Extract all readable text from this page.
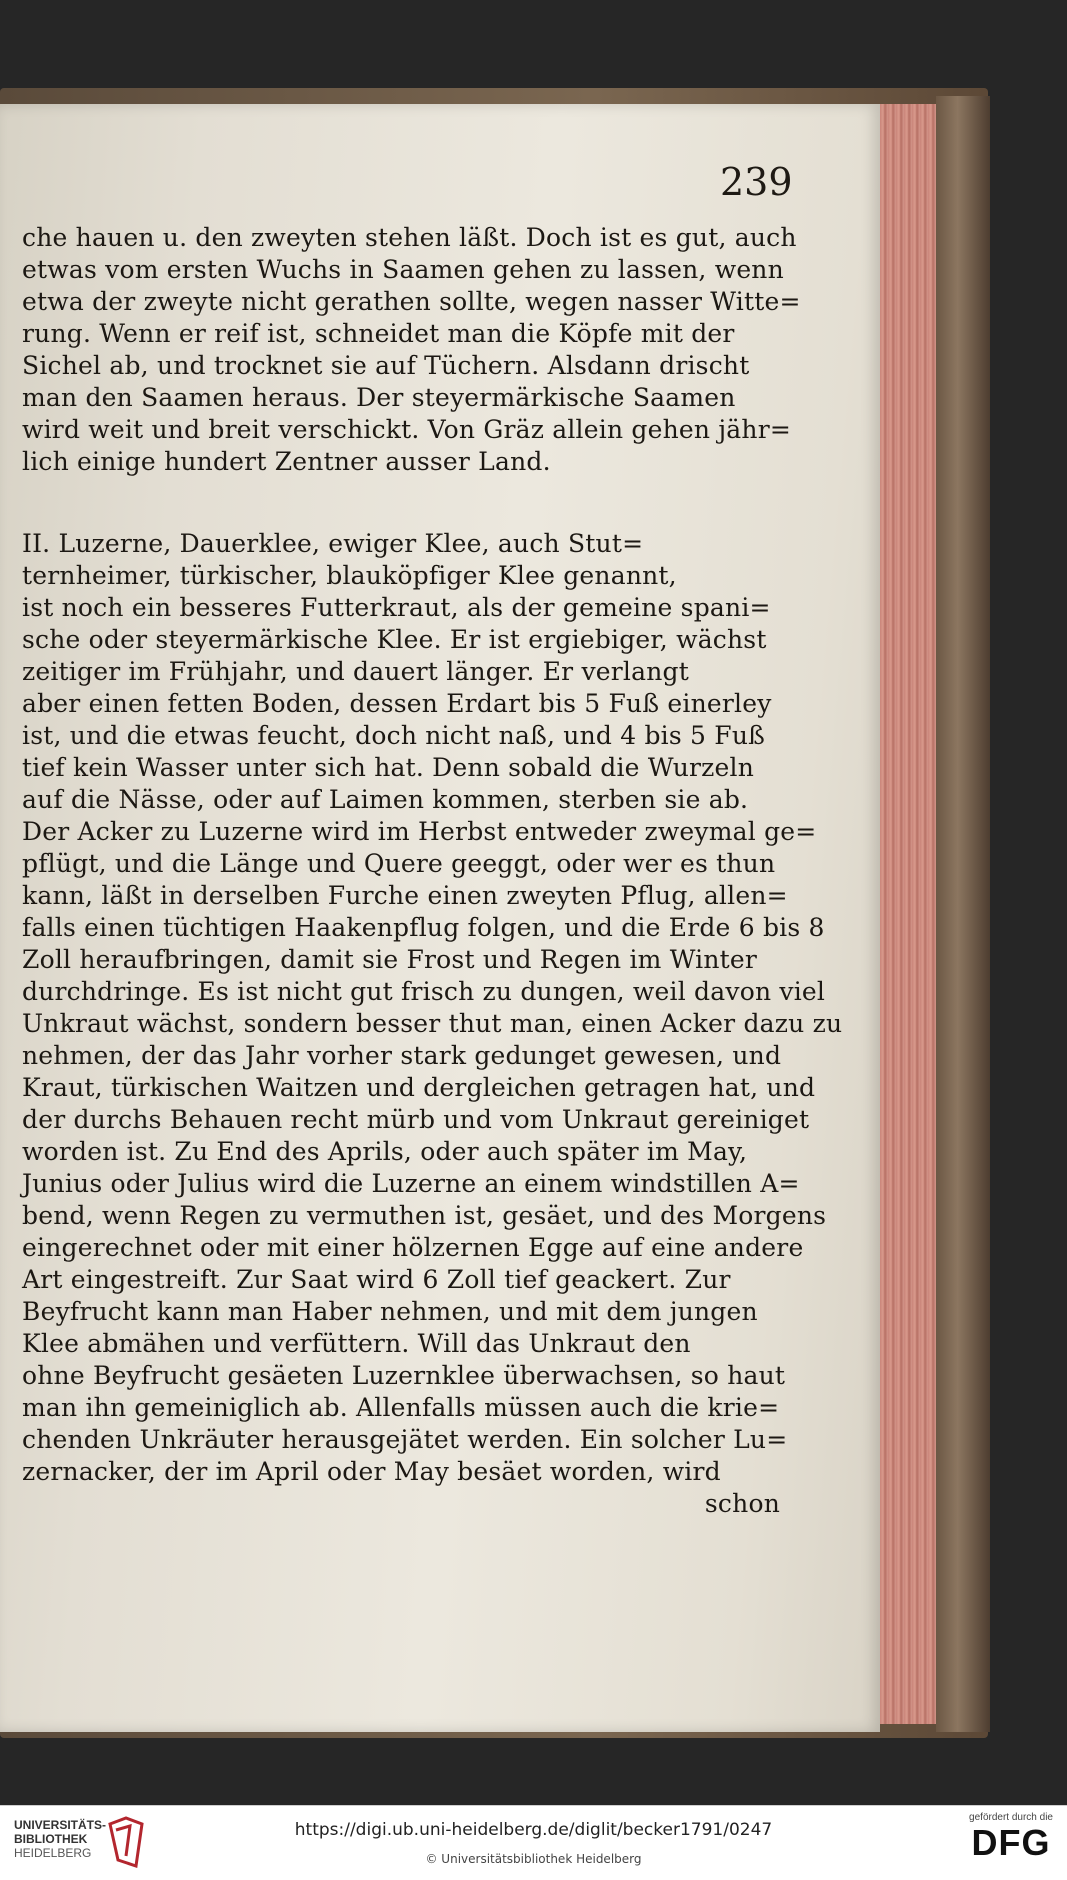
239
che hauen u. den zweyten stehen läßt. Doch ist es gut, auch
etwas vom ersten Wuchs in Saamen gehen zu lassen, wenn
etwa der zweyte nicht gerathen sollte, wegen nasser Witte=
rung. Wenn er reif ist, schneidet man die Köpfe mit der
Sichel ab, und trocknet sie auf Tüchern. Alsdann drischt
man den Saamen heraus. Der steyermärkische Saamen
wird weit und breit verschickt. Von Gräz allein gehen jähr=
lich einige hundert Zentner ausser Land.
II. Luzerne, Dauerklee, ewiger Klee, auch Stut=
ternheimer, türkischer, blauköpfiger Klee genannt,
ist noch ein besseres Futterkraut, als der gemeine spani=
sche oder steyermärkische Klee. Er ist ergiebiger, wächst
zeitiger im Frühjahr, und dauert länger. Er verlangt
aber einen fetten Boden, dessen Erdart bis 5 Fuß einerley
ist, und die etwas feucht, doch nicht naß, und 4 bis 5 Fuß
tief kein Wasser unter sich hat. Denn sobald die Wurzeln
auf die Nässe, oder auf Laimen kommen, sterben sie ab.
Der Acker zu Luzerne wird im Herbst entweder zweymal ge=
pflügt, und die Länge und Quere geeggt, oder wer es thun
kann, läßt in derselben Furche einen zweyten Pflug, allen=
falls einen tüchtigen Haakenpflug folgen, und die Erde 6 bis 8
Zoll heraufbringen, damit sie Frost und Regen im Winter
durchdringe. Es ist nicht gut frisch zu dungen, weil davon viel
Unkraut wächst, sondern besser thut man, einen Acker dazu zu
nehmen, der das Jahr vorher stark gedunget gewesen, und
Kraut, türkischen Waitzen und dergleichen getragen hat, und
der durchs Behauen recht mürb und vom Unkraut gereiniget
worden ist. Zu End des Aprils, oder auch später im May,
Junius oder Julius wird die Luzerne an einem windstillen A=
bend, wenn Regen zu vermuthen ist, gesäet, und des Morgens
eingerechnet oder mit einer hölzernen Egge auf eine andere
Art eingestreift. Zur Saat wird 6 Zoll tief geackert. Zur
Beyfrucht kann man Haber nehmen, und mit dem jungen
Klee abmähen und verfüttern. Will das Unkraut den
ohne Beyfrucht gesäeten Luzernklee überwachsen, so haut
man ihn gemeiniglich ab. Allenfalls müssen auch die krie=
chenden Unkräuter herausgejätet werden. Ein solcher Lu=
zernacker, der im April oder May besäet worden, wird
schon
UNIVERSITÄTS-
BIBLIOTHEK
HEIDELBERG
https://digi.ub.uni-heidelberg.de/diglit/becker1791/0247
© Universitätsbibliothek Heidelberg
gefördert durch die
DFG
